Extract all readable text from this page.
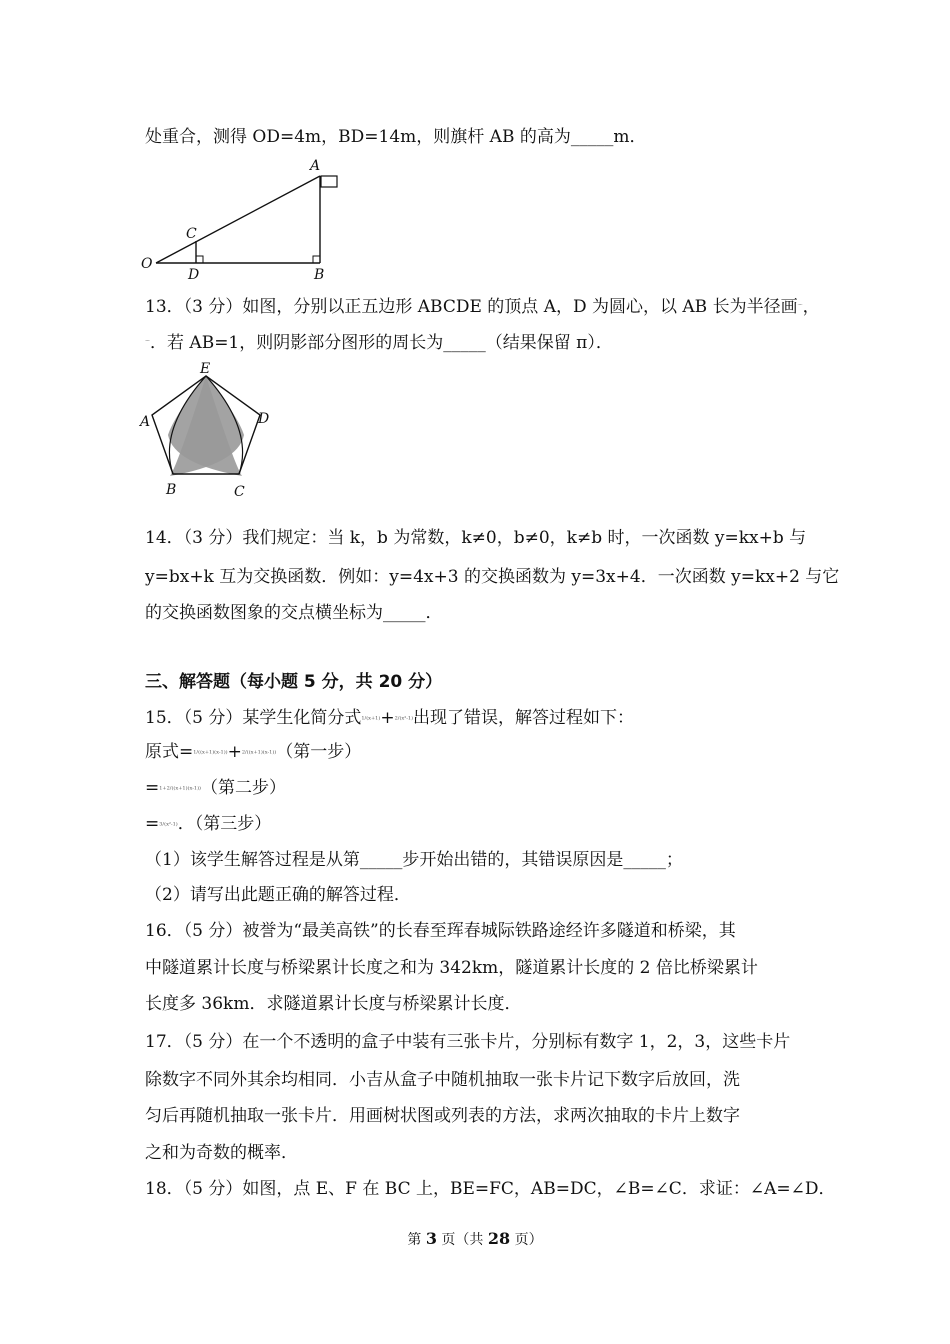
处重合，测得 OD=4m，BD=14m，则旗杆 AB 的高为_____m．
A
C
O
D	B
13．（3 分）如图，分别以正五边形 ABCDE 的顶点 A，D 为圆心，以 AB 长为半径画⌒，
⌒．若 AB=1，则阴影部分图形的周长为_____（结果保留 π）．
E
A	D
B	C
14．（3 分）我们规定：当 k，b 为常数，k≠0，b≠0，k≠b 时，一次函数 y=kx+b 与
y=bx+k 互为交换函数．例如：y=4x+3 的交换函数为 y=3x+4．一次函数 y=kx+2 与它
的交换函数图象的交点横坐标为_____．
三、解答题（每小题 5 分，共 20 分）
15．（5 分）某学生化简分式1/(x+1)+2/(x²-1)出现了错误，解答过程如下：
原式=1/((x+1)(x-1))+2/((x+1)(x-1))（第一步）
=1+2/((x+1)(x-1))（第二步）
=3/(x²-1)．（第三步）
（1）该学生解答过程是从第_____步开始出错的，其错误原因是_____；
（2）请写出此题正确的解答过程．
16．（5 分）被誉为“最美高铁”的长春至珲春城际铁路途经许多隧道和桥梁，其
中隧道累计长度与桥梁累计长度之和为 342km，隧道累计长度的 2 倍比桥梁累计
长度多 36km．求隧道累计长度与桥梁累计长度．
17．（5 分）在一个不透明的盒子中装有三张卡片，分别标有数字 1，2，3，这些卡片
除数字不同外其余均相同．小吉从盒子中随机抽取一张卡片记下数字后放回，洗
匀后再随机抽取一张卡片．用画树状图或列表的方法，求两次抽取的卡片上数字
之和为奇数的概率．
18．（5 分）如图，点 E、F 在 BC 上，BE=FC，AB=DC，∠B=∠C．求证：∠A=∠D．
第 3 页（共 28 页）
